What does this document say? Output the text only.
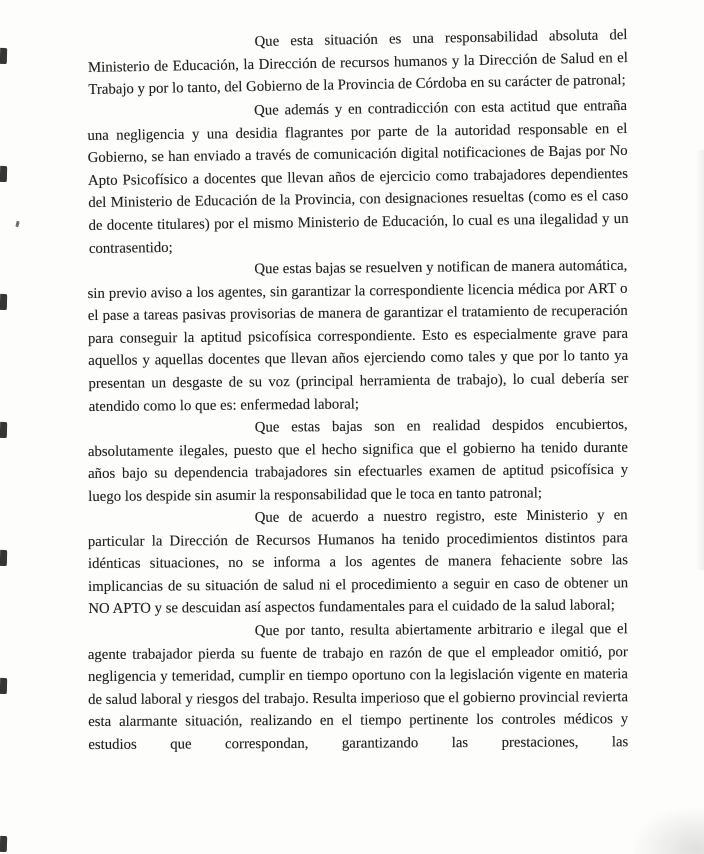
Que esta situación es una responsabilidad absoluta del Ministerio de Educación, la Dirección de recursos humanos y la Dirección de Salud en el Trabajo y por lo tanto, del Gobierno de la Provincia de Córdoba en su carácter de patronal;
Que además y en contradicción con esta actitud que entraña una negligencia y una desidia flagrantes por parte de la autoridad responsable en el Gobierno, se han enviado a través de comunicación digital notificaciones de Bajas por No Apto Psicofísico a docentes que llevan años de ejercicio como trabajadores dependientes del Ministerio de Educación de la Provincia, con designaciones resueltas (como es el caso de docente titulares) por el mismo Ministerio de Educación, lo cual es una ilegalidad y un contrasentido;
Que estas bajas se resuelven y notifican de manera automática, sin previo aviso a los agentes, sin garantizar la correspondiente licencia médica por ART o el pase a tareas pasivas provisorias de manera de garantizar el tratamiento de recuperación para conseguir la aptitud psicofísica correspondiente. Esto es especialmente grave para aquellos y aquellas docentes que llevan años ejerciendo como tales y que por lo tanto ya presentan un desgaste de su voz (principal herramienta de trabajo), lo cual debería ser atendido como lo que es: enfermedad laboral;
Que estas bajas son en realidad despidos encubiertos, absolutamente ilegales, puesto que el hecho significa que el gobierno ha tenido durante años bajo su dependencia trabajadores sin efectuarles examen de aptitud psicofísica y luego los despide sin asumir la responsabilidad que le toca en tanto patronal;
Que de acuerdo a nuestro registro, este Ministerio y en particular la Dirección de Recursos Humanos ha tenido procedimientos distintos para idénticas situaciones, no se informa a los agentes de manera fehaciente sobre las implicancias de su situación de salud ni el procedimiento a seguir en caso de obtener un NO APTO y se descuidan así aspectos fundamentales para el cuidado de la salud laboral;
Que por tanto, resulta abiertamente arbitrario e ilegal que el agente trabajador pierda su fuente de trabajo en razón de que el empleador omitió, por negligencia y temeridad, cumplir en tiempo oportuno con la legislación vigente en materia de salud laboral y riesgos del trabajo. Resulta imperioso que el gobierno provincial revierta esta alarmante situación, realizando en el tiempo pertinente los controles médicos y estudios que correspondan, garantizando las prestaciones, las
